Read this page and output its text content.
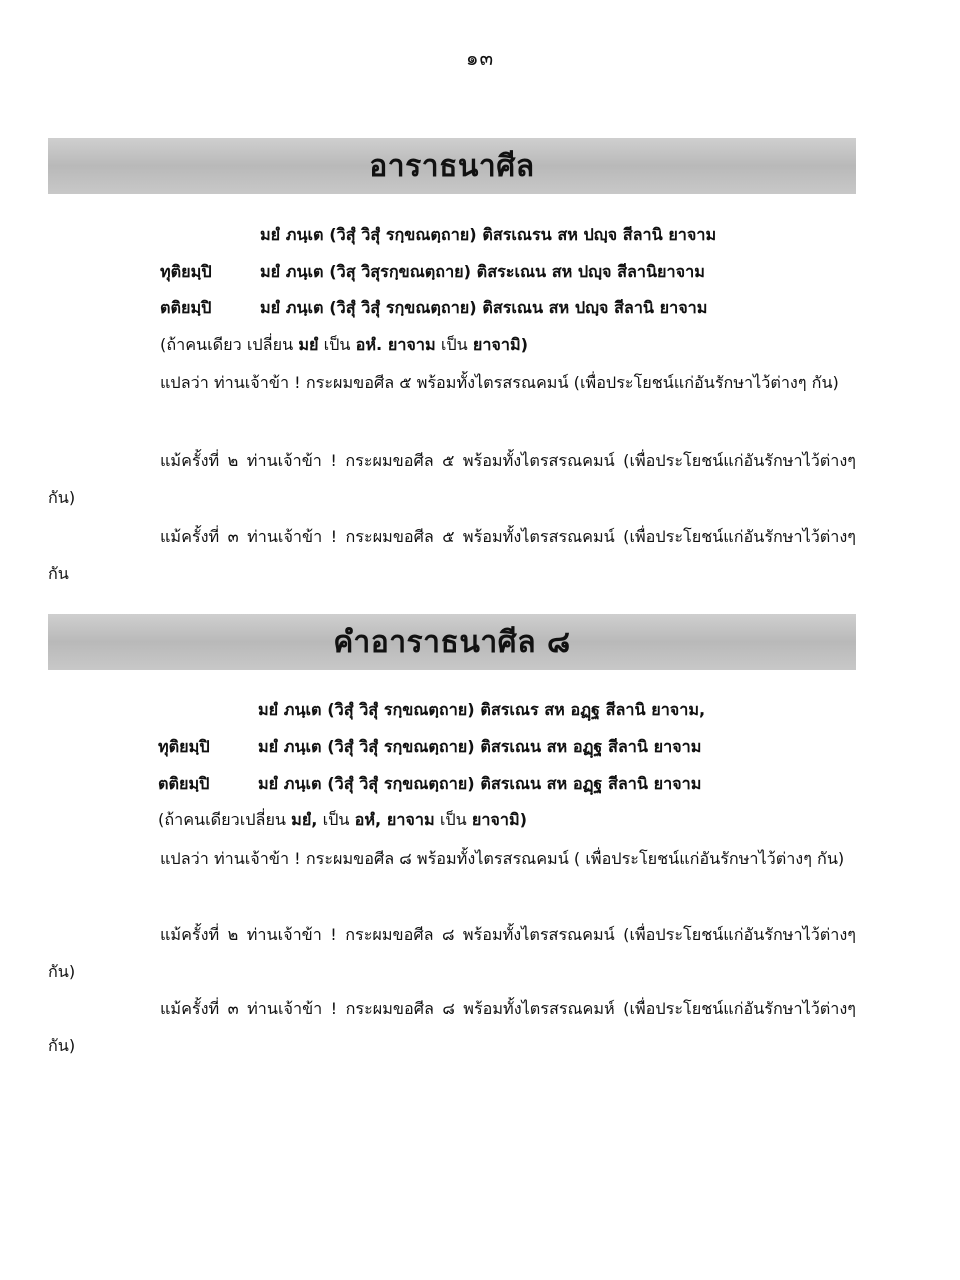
๑๓
อาราธนาศีล
มยํ ภนฺเต (วิสุํ วิสุํ รกฺขณตฺถาย) ติสรเณรน สห ปญฺจ สีลานิ ยาจาม
ทุติยมฺปิ	มยํ ภนฺเต (วิสุ วิสุรกฺขณตฺถาย) ติสระเณน สห ปญฺจ สีลานิยาจาม
ตติยมฺปิ	มยํ ภนฺเต (วิสุํ วิสุํ รกฺขณตฺถาย) ติสรเณน สห ปญฺจ สีลานิ ยาจาม
(ถ้าคนเดียว เปลี่ยน มยํ เป็น อหํ. ยาจาม เป็น ยาจามิ)
แปลว่า ท่านเจ้าข้า ! กระผมขอศีล ๕ พร้อมทั้งไตรสรณคมน์ (เพื่อประโยชน์แก่อันรักษาไว้ต่างๆ กัน)
แม้ครั้งที่ ๒ ท่านเจ้าข้า ! กระผมขอศีล ๕ พร้อมทั้งไตรสรณคมน์ (เพื่อประโยชน์แก่อันรักษาไว้ต่างๆ กัน)
แม้ครั้งที่ ๓ ท่านเจ้าข้า ! กระผมขอศีล ๕ พร้อมทั้งไตรสรณคมน์ (เพื่อประโยชน์แก่อันรักษาไว้ต่างๆ กัน
คำอาราธนาศีล ๘
มยํ ภนฺเต (วิสุํ วิสุํ รกฺขณตฺถาย) ติสรเณร สห อฏฺฐ สีลานิ ยาจาม,
ทุติยมฺปิ	มยํ ภนฺเต (วิสุํ วิสุํ รกฺขณตฺถาย) ติสรเณน สห อฏฺฐ สีลานิ ยาจาม
ตติยมฺปิ	มยํ ภนฺเต (วิสุํ วิสุํ รกฺขณตฺถาย) ติสรเณน สห อฏฺฐ สีลานิ ยาจาม
(ถ้าคนเดียวเปลี่ยน มยํ, เป็น อหํ, ยาจาม เป็น ยาจามิ)
แปลว่า ท่านเจ้าข้า ! กระผมขอศีล ๘ พร้อมทั้งไตรสรณคมน์ ( เพื่อประโยชน์แก่อันรักษาไว้ต่างๆ กัน)
แม้ครั้งที่ ๒ ท่านเจ้าข้า ! กระผมขอศีล ๘ พร้อมทั้งไตรสรณคมน์ (เพื่อประโยชน์แก่อันรักษาไว้ต่างๆ กัน)
แม้ครั้งที่ ๓ ท่านเจ้าข้า ! กระผมขอศีล ๘ พร้อมทั้งไตรสรณคมห์ (เพื่อประโยชน์แก่อันรักษาไว้ต่างๆ กัน)
